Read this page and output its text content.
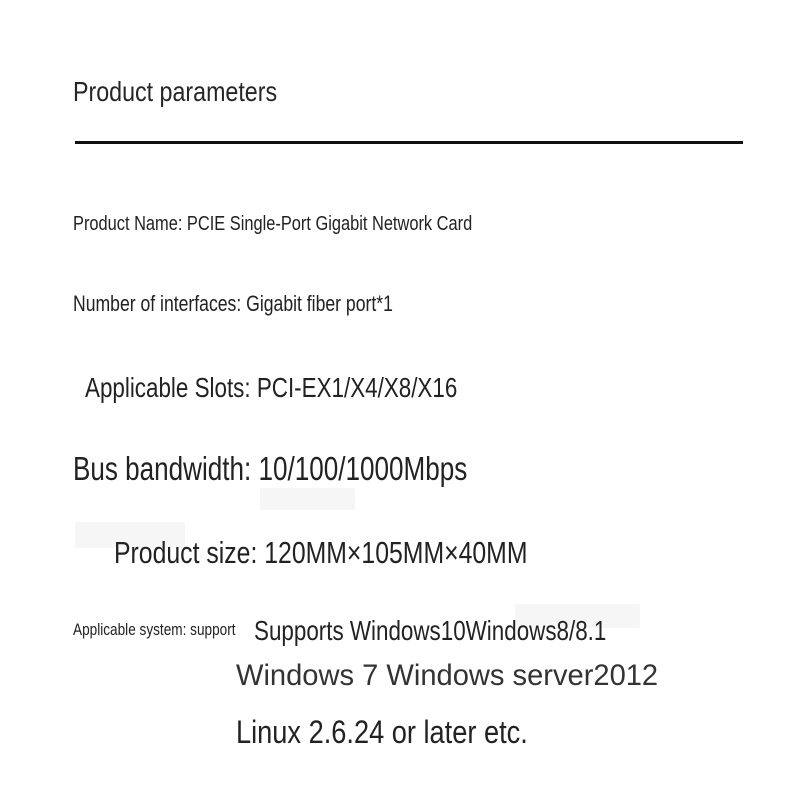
Product parameters
Product Name: PCIE Single-Port Gigabit Network Card
Number of interfaces: Gigabit fiber port*1
Applicable Slots: PCI-EX1/X4/X8/X16
Bus bandwidth: 10/100/1000Mbps
Product size: 120MM×105MM×40MM
Applicable system: support Supports Windows10Windows8/8.1
Windows 7 Windows server2012
Linux 2.6.24 or later etc.
